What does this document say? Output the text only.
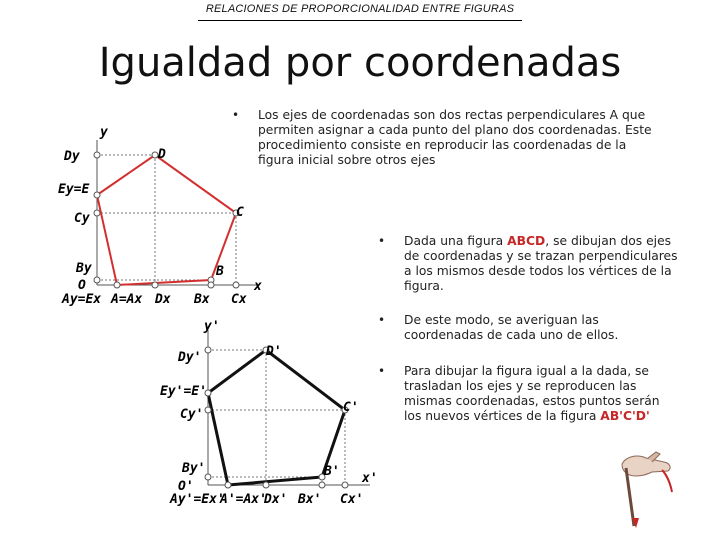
RELACIONES DE PROPORCIONALIDAD ENTRE FIGURAS
Igualdad por coordenadas
•	Los ejes de coordenadas son dos rectas perpendiculares A que permiten asignar a cada punto del plano dos coordenadas. Este procedimiento consiste en reproducir las coordenadas de la figura inicial sobre otros ejes
•	Dada una figura ABCD, se dibujan dos ejes de coordenadas y se trazan perpendiculares a los mismos desde todos los vértices de la figura.
•	De este modo, se averiguan las coordenadas de cada uno de ellos.
•	Para dibujar la figura igual a la dada, se trasladan los ejes y se reproducen las mismas coordenadas, estos puntos serán los nuevos vértices de la figura AB'C'D'
y
Dy	D
Ey=E
Cy	C
By
O
B
x
Ay=Ex A=Ax Dx Bx Cx
y'
Dy'	D'
Ey'=E'
Cy'	C'
By'
O'
B' x'
Ay'=Ex'
A'=Ax'
Dx' Bx' Cx'
